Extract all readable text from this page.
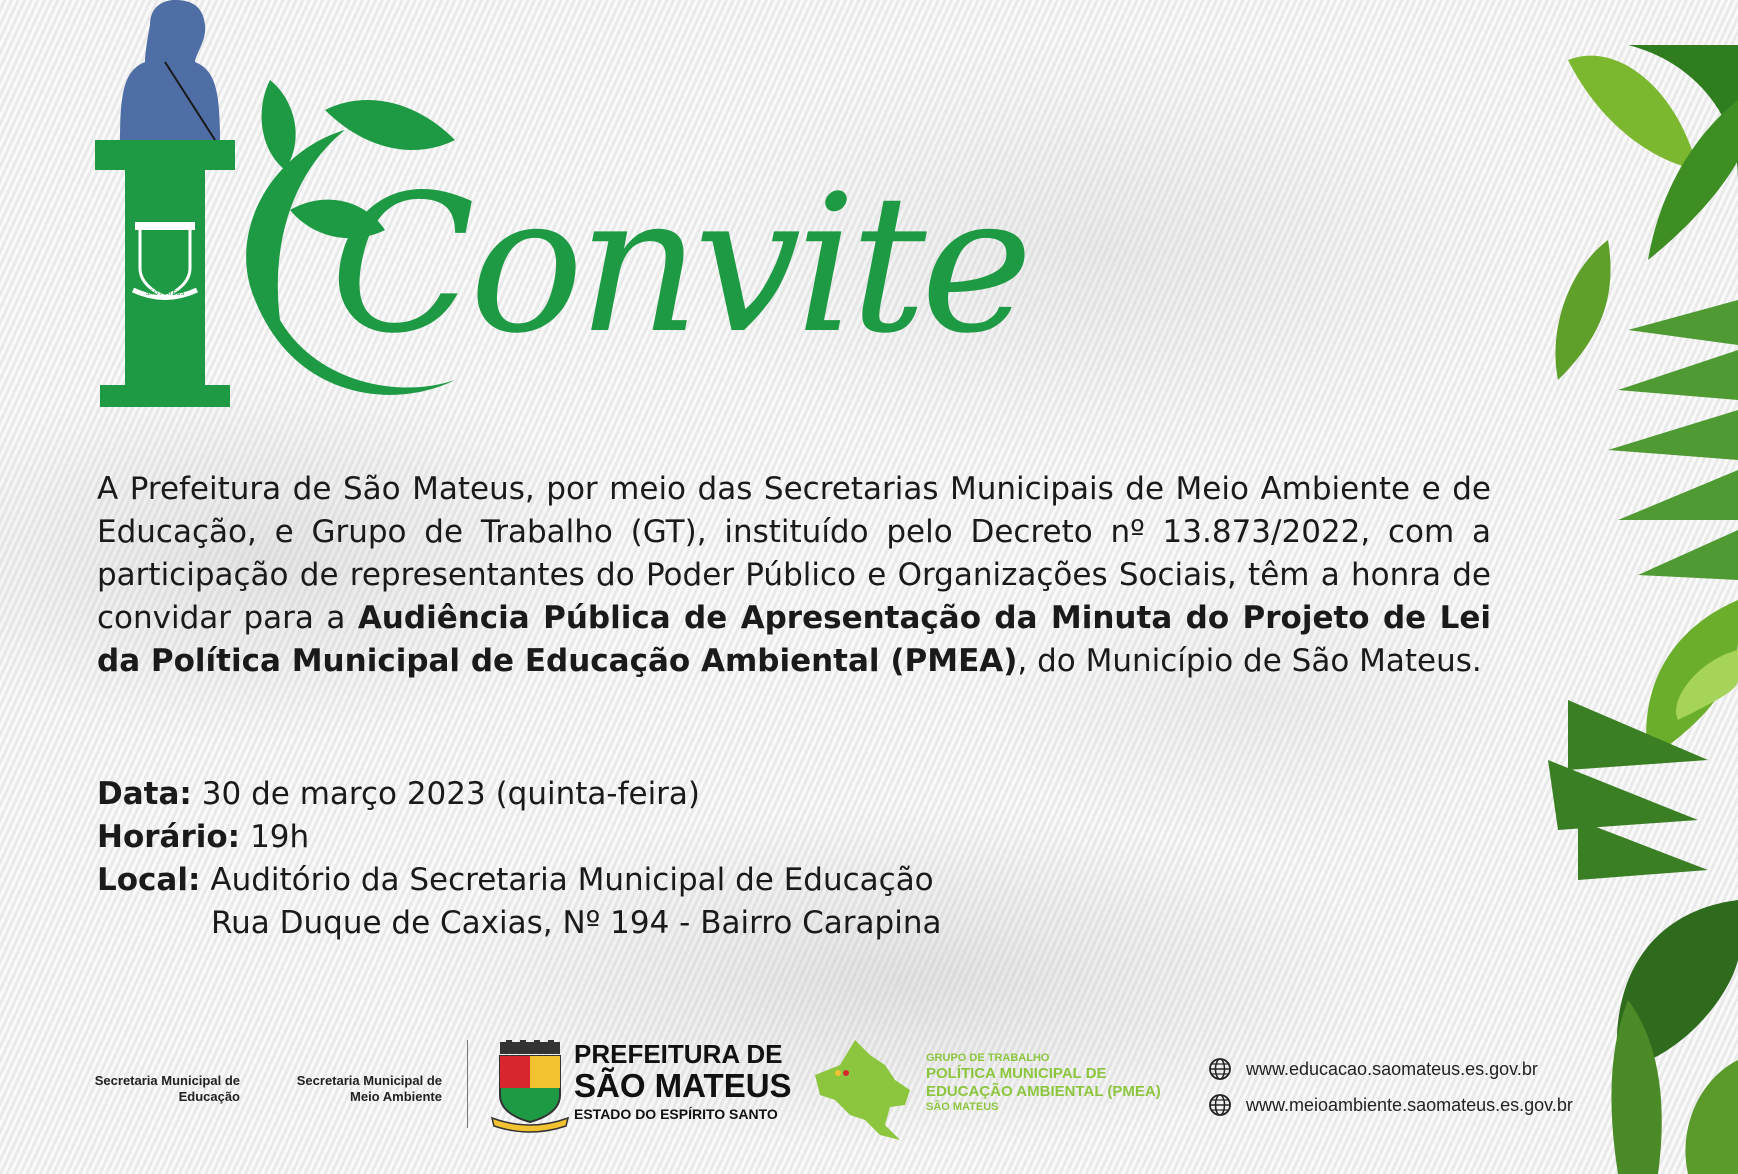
SÃO MATEUS Convite

A Prefeitura de São Mateus, por meio das Secretarias Municipais de Meio Ambiente e de Educação, e Grupo de Trabalho (GT), instituído pelo Decreto nº 13.873/2022, com a participação de representantes do Poder Público e Organizações Sociais, têm a honra de convidar para a Audiência Pública de Apresentação da Minuta do Projeto de Lei da Política Municipal de Educação Ambiental (PMEA), do Município de São Mateus.

Data: 30 de março 2023 (quinta-feira)
Horário: 19h
Local: Auditório da Secretaria Municipal de Educação
Rua Duque de Caxias, Nº 194 - Bairro Carapina
Secretaria Municipal de
Educação
Secretaria Municipal de
Meio Ambiente
PREFEITURA DE
SÃO MATEUS
ESTADO DO ESPÍRITO SANTO
GRUPO DE TRABALHO
POLÍTICA MUNICIPAL DE
EDUCAÇÃO AMBIENTAL (PMEA)
SÃO MATEUS
www.educacao.saomateus.es.gov.br
www.meioambiente.saomateus.es.gov.br
